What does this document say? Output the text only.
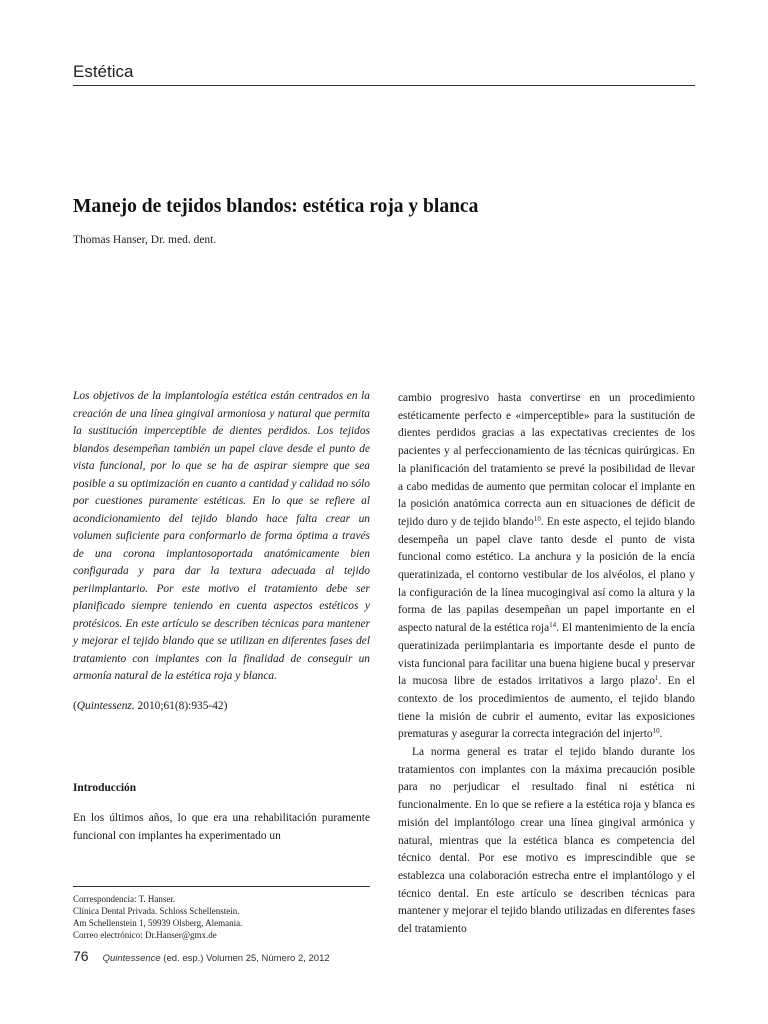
Estética
Manejo de tejidos blandos: estética roja y blanca
Thomas Hanser, Dr. med. dent.

Los objetivos de la implantología estética están centrados en la creación de una línea gingival armoniosa y natural que permita la sustitución imperceptible de dientes perdidos. Los tejidos blandos desempeñan también un papel clave desde el punto de vista funcional, por lo que se ha de aspirar siempre que sea posible a su optimización en cuanto a cantidad y calidad no sólo por cuestiones puramente estéticas. En lo que se refiere al acondicionamiento del tejido blando hace falta crear un volumen suficiente para conformarlo de forma óptima a través de una corona implantosoportada anatómicamente bien configurada y para dar la textura adecuada al tejido periimplantario. Por este motivo el tratamiento debe ser planificado siempre teniendo en cuenta aspectos estéticos y protésicos. En este artículo se describen técnicas para mantener y mejorar el tejido blando que se utilizan en diferentes fases del tratamiento con implantes con la finalidad de conseguir un armonía natural de la estética roja y blanca.

(Quintessenz. 2010;61(8):935-42)
Introducción

En los últimos años, lo que era una rehabilitación puramente funcional con implantes ha experimentado un

Correspondencia: T. Hanser.
Clínica Dental Privada. Schloss Schellenstein.
Am Schellenstein 1, 59939 Olsberg, Alemania.
Correo electrónico: Dr.Hanser@gmx.de

cambio progresivo hasta convertirse en un procedimiento estéticamente perfecto e «imperceptible» para la sustitución de dientes perdidos gracias a las expectativas crecientes de los pacientes y al perfeccionamiento de las técnicas quirúrgicas. En la planificación del tratamiento se prevé la posibilidad de llevar a cabo medidas de aumento que permitan colocar el implante en la posición anatómica correcta aun en situaciones de déficit de tejido duro y de tejido blando$^{10}$. En este aspecto, el tejido blando desempeña un papel clave tanto desde el punto de vista funcional como estético. La anchura y la posición de la encía queratinizada, el contorno vestibular de los alvéolos, el plano y la configuración de la línea mucogingival así como la altura y la forma de las papilas desempeñan un papel importante en el aspecto natural de la estética roja$^{14}$. El mantenimiento de la encía queratinizada periimplantaria es importante desde el punto de vista funcional para facilitar una buena higiene bucal y preservar la mucosa libre de estados irritativos a largo plazo$^1$. En el contexto de los procedimientos de aumento, el tejido blando tiene la misión de cubrir el aumento, evitar las exposiciones prematuras y asegurar la correcta integración del injerto$^{10}$.

La norma general es tratar el tejido blando durante los tratamientos con implantes con la máxima precaución posible para no perjudicar el resultado final ni estética ni funcionalmente. En lo que se refiere a la estética roja y blanca es misión del implantólogo crear una línea gingival armónica y natural, mientras que la estética blanca es competencia del técnico dental. Por ese motivo es imprescindible que se establezca una colaboración estrecha entre el implantólogo y el técnico dental. En este artículo se describen técnicas para mantener y mejorar el tejido blando utilizadas en diferentes fases del tratamiento

76 Quintessence (ed. esp.) Volumen 25, Número 2, 2012
